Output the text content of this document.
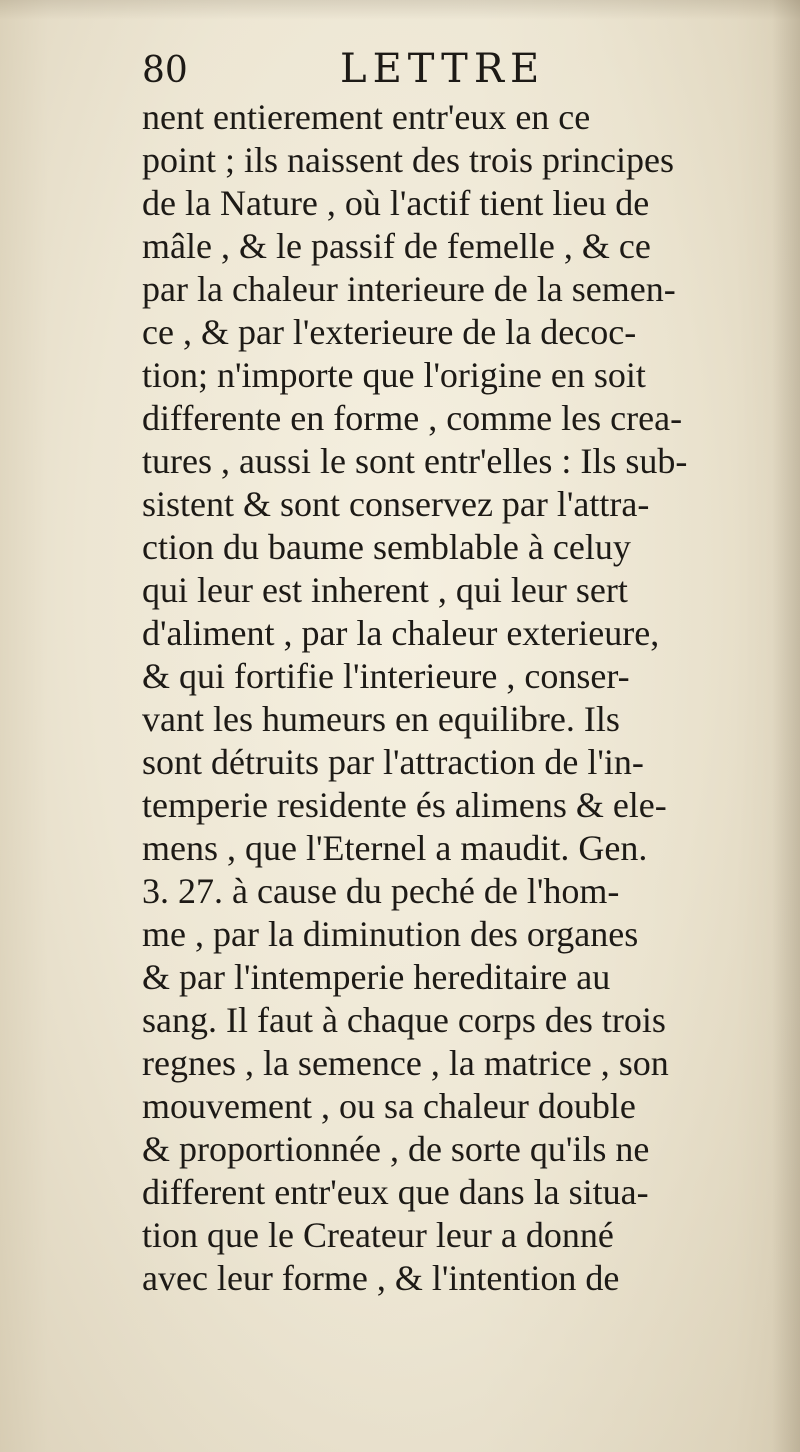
80	LETTRE
nent entierement entr'eux en ce
point ; ils naissent des trois principes
de la Nature , où l'actif tient lieu de
mâle , & le passif de femelle , & ce
par la chaleur interieure de la semen-
ce , & par l'exterieure de la decoc-
tion; n'importe que l'origine en soit
differente en forme , comme les crea-
tures , aussi le sont entr'elles : Ils sub-
sistent & sont conservez par l'attra-
ction du baume semblable à celuy
qui leur est inherent , qui leur sert
d'aliment , par la chaleur exterieure,
& qui fortifie l'interieure , conser-
vant les humeurs en equilibre. Ils
sont détruits par l'attraction de l'in-
temperie residente és alimens & ele-
mens , que l'Eternel a maudit. Gen.
3. 27. à cause du peché de l'hom-
me , par la diminution des organes
& par l'intemperie hereditaire au
sang. Il faut à chaque corps des trois
regnes , la semence , la matrice , son
mouvement , ou sa chaleur double
& proportionnée , de sorte qu'ils ne
different entr'eux que dans la situa-
tion que le Createur leur a donné
avec leur forme , & l'intention de
